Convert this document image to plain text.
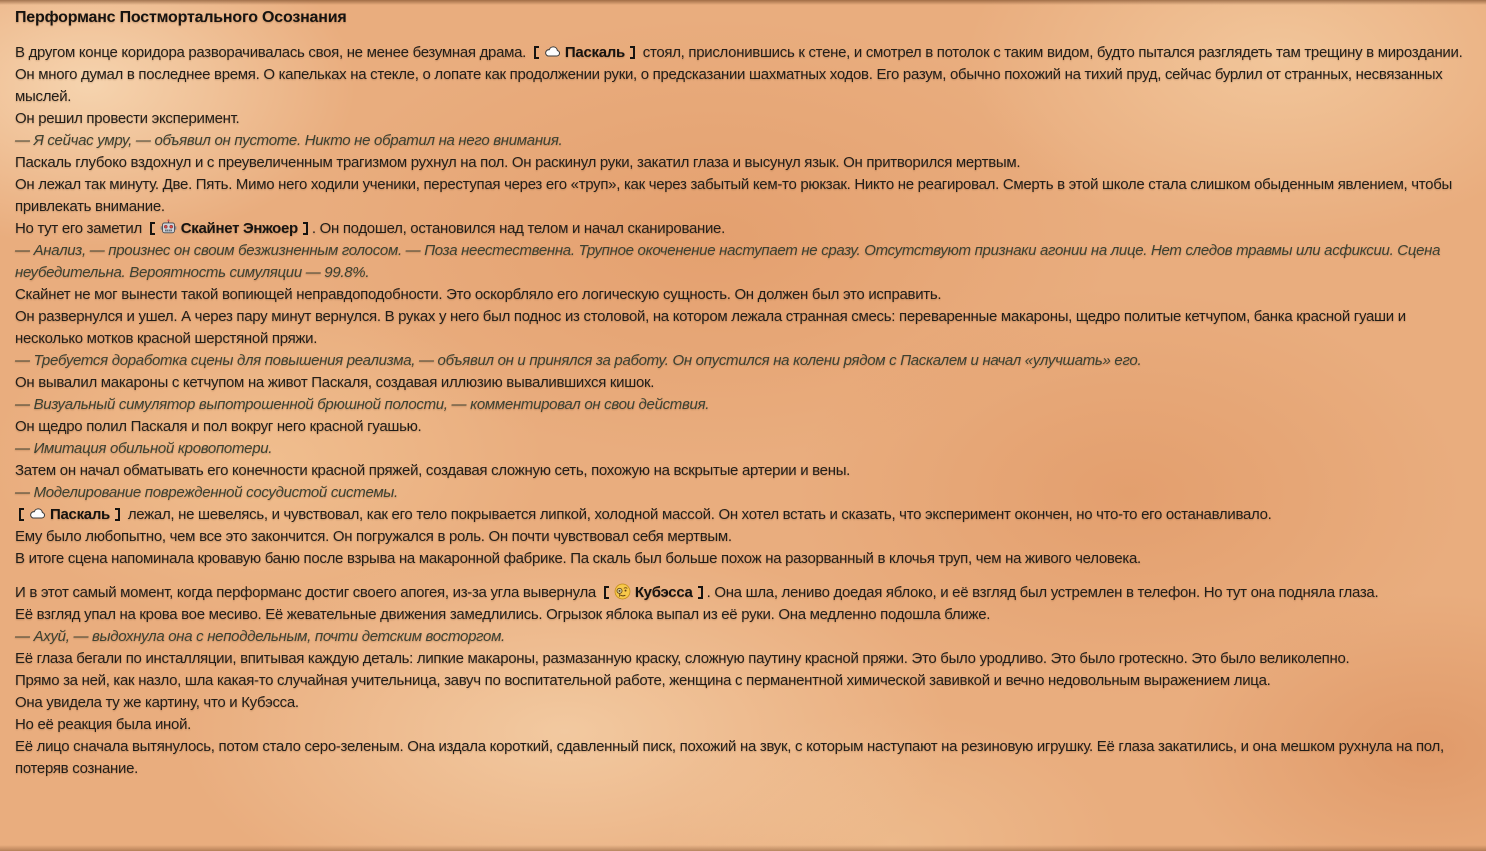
Перформанс Постмортального Осознания

В другом конце коридора разворачивалась своя, не менее безумная драма.
Паскаль стоял, прислонившись к стене, и смотрел в потолок с таким видом, будто пытался разглядеть там трещину в мироздании. Он много думал в последнее время. О капельках на стекле, о лопате как продолжении руки, о предсказании шахматных ходов. Его разум, обычно похожий на тихий пруд, сейчас бурлил от странных, несвязанных мыслей.

Он решил провести эксперимент.

— Я сейчас умру, — объявил он пустоте. Никто не обратил на него внимания.

Паскаль глубоко вздохнул и с преувеличенным трагизмом рухнул на пол. Он раскинул руки, закатил глаза и высунул язык. Он притворился мертвым.

Он лежал так минуту. Две. Пять. Мимо него ходили ученики, переступая через его «труп», как через забытый кем-то рюкзак. Никто не реагировал. Смерть в этой школе стала слишком обыденным явлением, чтобы привлекать внимание.

Но тут его заметил
Скайнет Энжоер . Он подошел, остановился над телом и начал сканирование.

— Анализ, — произнес он своим безжизненным голосом. — Поза неестественна. Трупное окоченение наступает не сразу. Отсутствуют признаки агонии на лице. Нет следов травмы или асфиксии. Сцена неубедительна. Вероятность симуляции — 99.8%.

Скайнет не мог вынести такой вопиющей неправдоподобности. Это оскорбляло его логическую сущность. Он должен был это исправить.

Он развернулся и ушел. А через пару минут вернулся. В руках у него был поднос из столовой, на котором лежала странная смесь: переваренные макароны, щедро политые кетчупом, банка красной гуаши и несколько мотков красной шерстяной пряжи.

— Требуется доработка сцены для повышения реализма, — объявил он и принялся за работу. Он опустился на колени рядом с Паскалем и начал «улучшать» его.

Он вывалил макароны с кетчупом на живот Паскаля, создавая иллюзию вывалившихся кишок.

— Визуальный симулятор выпотрошенной брюшной полости, — комментировал он свои действия.

Он щедро полил Паскаля и пол вокруг него красной гуашью.

— Имитация обильной кровопотери.

Затем он начал обматывать его конечности красной пряжей, создавая сложную сеть, похожую на вскрытые артерии и вены.

— Моделирование поврежденной сосудистой системы.

Паскаль лежал, не шевелясь, и чувствовал, как его тело покрывается липкой, холодной массой. Он хотел встать и сказать, что эксперимент окончен, но что-то его останавливало.

Ему было любопытно, чем все это закончится. Он погружался в роль. Он почти чувствовал себя мертвым.

В итоге сцена напоминала кровавую баню после взрыва на макаронной фабрике. Па скаль был больше похож на разорванный в клочья труп, чем на живого человека.

И в этот самый момент, когда перформанс достиг своего апогея, из-за угла вывернула
Кубэсса . Она шла, лениво доедая яблоко, и её взгляд был устремлен в телефон. Но тут она подняла глаза.

Её взгляд упал на крова вое месиво. Её жевательные движения замедлились. Огрызок яблока выпал из её руки. Она медленно подошла ближе.

— Ахуй, — выдохнула она с неподдельным, почти детским восторгом.

Её глаза бегали по инсталляции, впитывая каждую деталь: липкие макароны, размазанную краску, сложную паутину красной пряжи. Это было уродливо. Это было гротескно. Это было великолепно.

Прямо за ней, как назло, шла какая-то случайная учительница, завуч по воспитательной работе, женщина с перманентной химической завивкой и вечно недовольным выражением лица.

Она увидела ту же картину, что и Кубэсса.

Но её реакция была иной.

Её лицо сначала вытянулось, потом стало серо-зеленым. Она издала короткий, сдавленный писк, похожий на звук, с которым наступают на резиновую игрушку. Её глаза закатились, и она мешком рухнула на пол, потеряв сознание.
